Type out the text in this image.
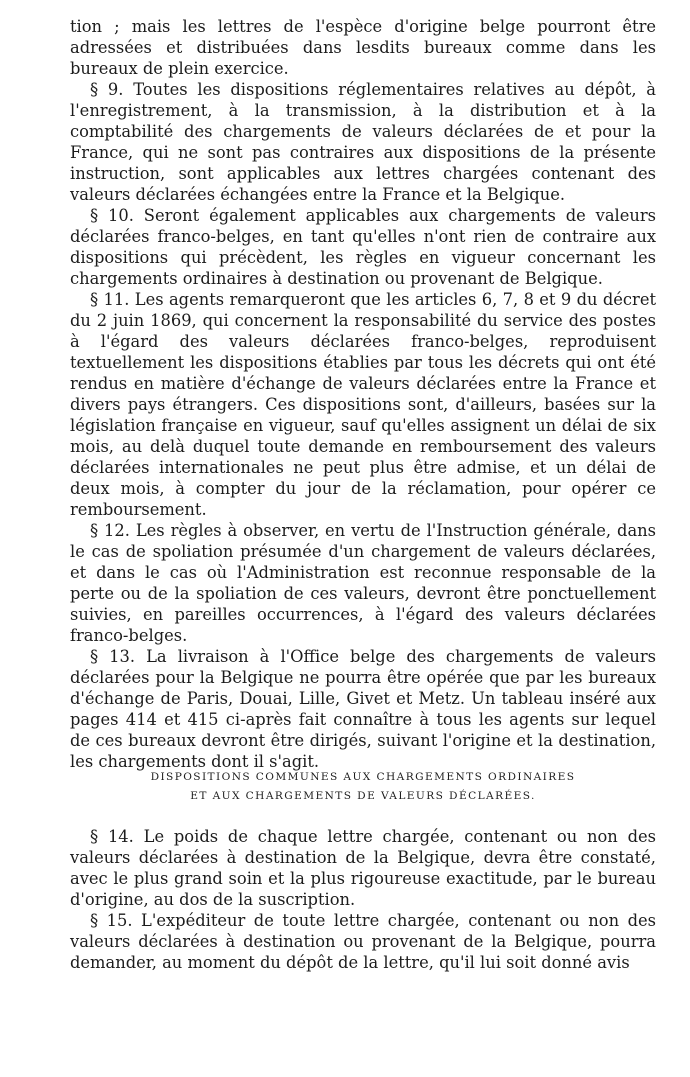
tion ; mais les lettres de l'espèce d'origine belge pourront être adressées et distribuées dans lesdits bureaux comme dans les bureaux de plein exercice.

§ 9. Toutes les dispositions réglementaires relatives au dépôt, à l'enregistrement, à la transmission, à la distribution et à la comptabilité des chargements de valeurs déclarées de et pour la France, qui ne sont pas contraires aux dispositions de la présente instruction, sont applicables aux lettres chargées contenant des valeurs déclarées échangées entre la France et la Belgique.

§ 10. Seront également applicables aux chargements de valeurs déclarées franco-belges, en tant qu'elles n'ont rien de contraire aux dispositions qui précèdent, les règles en vigueur concernant les chargements ordinaires à destination ou provenant de Belgique.

§ 11. Les agents remarqueront que les articles 6, 7, 8 et 9 du décret du 2 juin 1869, qui concernent la responsabilité du service des postes à l'égard des valeurs déclarées franco-belges, reproduisent textuellement les dispositions établies par tous les décrets qui ont été rendus en matière d'échange de valeurs déclarées entre la France et divers pays étrangers. Ces dispositions sont, d'ailleurs, basées sur la législation française en vigueur, sauf qu'elles assignent un délai de six mois, au delà duquel toute demande en remboursement des valeurs déclarées internationales ne peut plus être admise, et un délai de deux mois, à compter du jour de la réclamation, pour opérer ce remboursement.

§ 12. Les règles à observer, en vertu de l'Instruction générale, dans le cas de spoliation présumée d'un chargement de valeurs déclarées, et dans le cas où l'Administration est reconnue responsable de la perte ou de la spoliation de ces valeurs, devront être ponctuellement suivies, en pareilles occurrences, à l'égard des valeurs déclarées franco-belges.

§ 13. La livraison à l'Office belge des chargements de valeurs déclarées pour la Belgique ne pourra être opérée que par les bureaux d'échange de Paris, Douai, Lille, Givet et Metz. Un tableau inséré aux pages 414 et 415 ci-après fait connaître à tous les agents sur lequel de ces bureaux devront être dirigés, suivant l'origine et la destination, les chargements dont il s'agit.

DISPOSITIONS COMMUNES AUX CHARGEMENTS ORDINAIRES
ET AUX CHARGEMENTS DE VALEURS DÉCLARÉES.

§ 14. Le poids de chaque lettre chargée, contenant ou non des valeurs déclarées à destination de la Belgique, devra être constaté, avec le plus grand soin et la plus rigoureuse exactitude, par le bureau d'origine, au dos de la suscription.

§ 15. L'expéditeur de toute lettre chargée, contenant ou non des valeurs déclarées à destination ou provenant de la Belgique, pourra demander, au moment du dépôt de la lettre, qu'il lui soit donné avis
